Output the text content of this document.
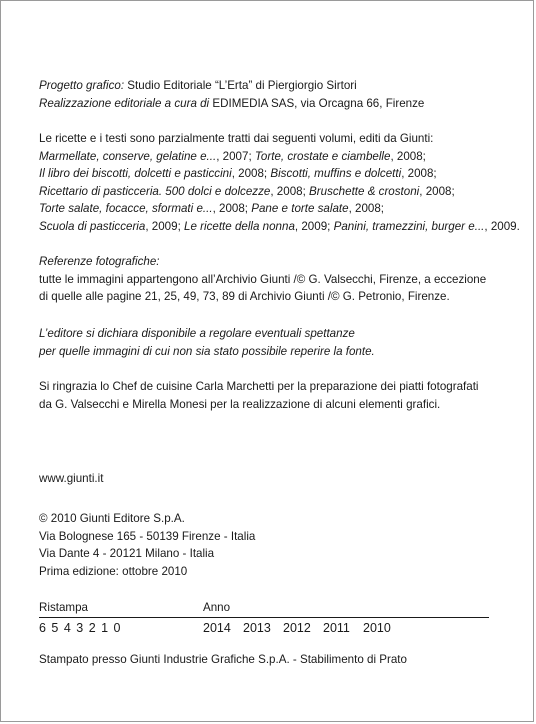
Progetto grafico: Studio Editoriale “L’Erta” di Piergiorgio Sirtori
Realizzazione editoriale a cura di EDIMEDIA SAS, via Orcagna 66, Firenze
Le ricette e i testi sono parzialmente tratti dai seguenti volumi, editi da Giunti:
Marmellate, conserve, gelatine e..., 2007; Torte, crostate e ciambelle, 2008;
Il libro dei biscotti, dolcetti e pasticcini, 2008; Biscotti, muffins e dolcetti, 2008;
Ricettario di pasticceria. 500 dolci e dolcezze, 2008; Bruschette & crostoni, 2008;
Torte salate, focacce, sformati e..., 2008; Pane e torte salate, 2008;
Scuola di pasticceria, 2009; Le ricette della nonna, 2009; Panini, tramezzini, burger e..., 2009.
Referenze fotografiche:
tutte le immagini appartengono all’Archivio Giunti /© G. Valsecchi, Firenze, a eccezione
di quelle alle pagine 21, 25, 49, 73, 89 di Archivio Giunti /© G. Petronio, Firenze.
L’editore si dichiara disponibile a regolare eventuali spettanze
per quelle immagini di cui non sia stato possibile reperire la fonte.
Si ringrazia lo Chef de cuisine Carla Marchetti per la preparazione dei piatti fotografati
da G. Valsecchi e Mirella Monesi per la realizzazione di alcuni elementi grafici.
www.giunti.it
© 2010 Giunti Editore S.p.A.
Via Bolognese 165 - 50139 Firenze - Italia
Via Dante 4 - 20121 Milano - Italia
Prima edizione: ottobre 2010
Ristampa	Anno
6 5 4 3 2 1 0	2014 2013 2012 2011 2010
Stampato presso Giunti Industrie Grafiche S.p.A. - Stabilimento di Prato
